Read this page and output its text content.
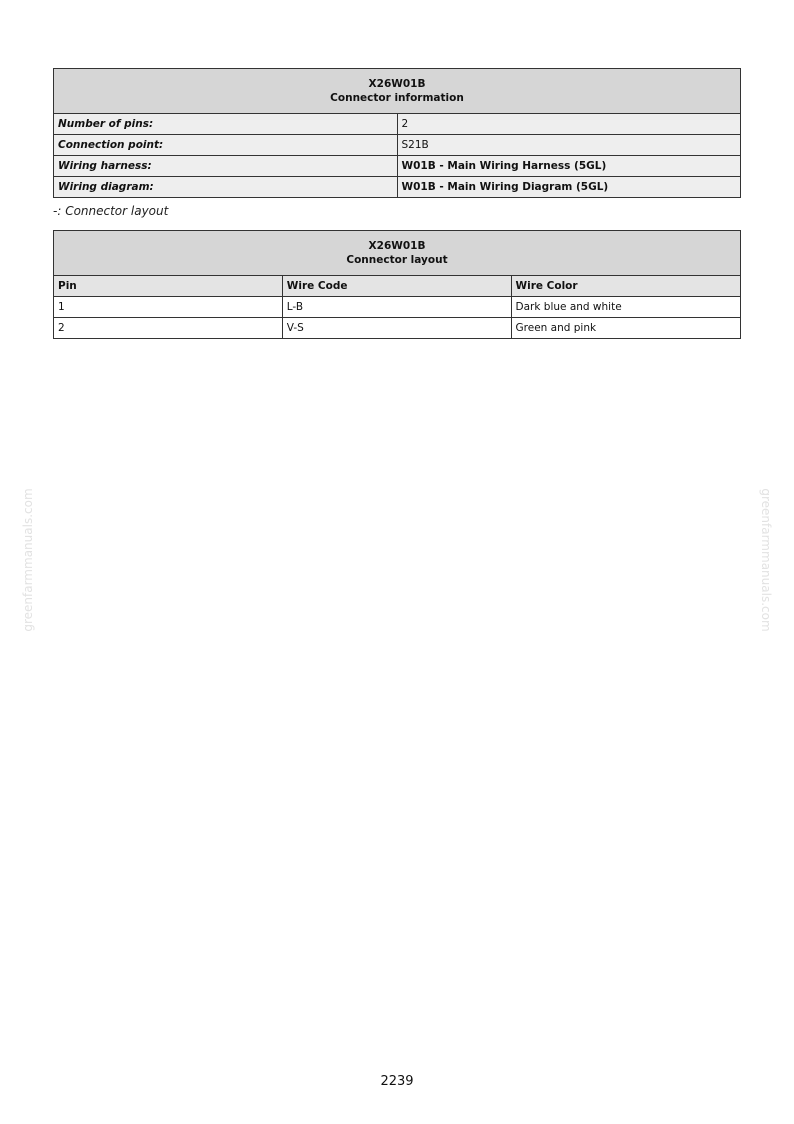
X26W01B
Connector information	

Number of pins:	2
Connection point:	S21B
Wiring harness:	W01B - Main Wiring Harness (5GL)
Wiring diagram:	W01B - Main Wiring Diagram (5GL)
-: Connector layout
X26W01B
Connector layout		

Pin	Wire Code	Wire Color
1	L-B	Dark blue and white
2	V-S	Green and pink
greenfarmmanuals.com	greenfarmmanuals.com
2239
